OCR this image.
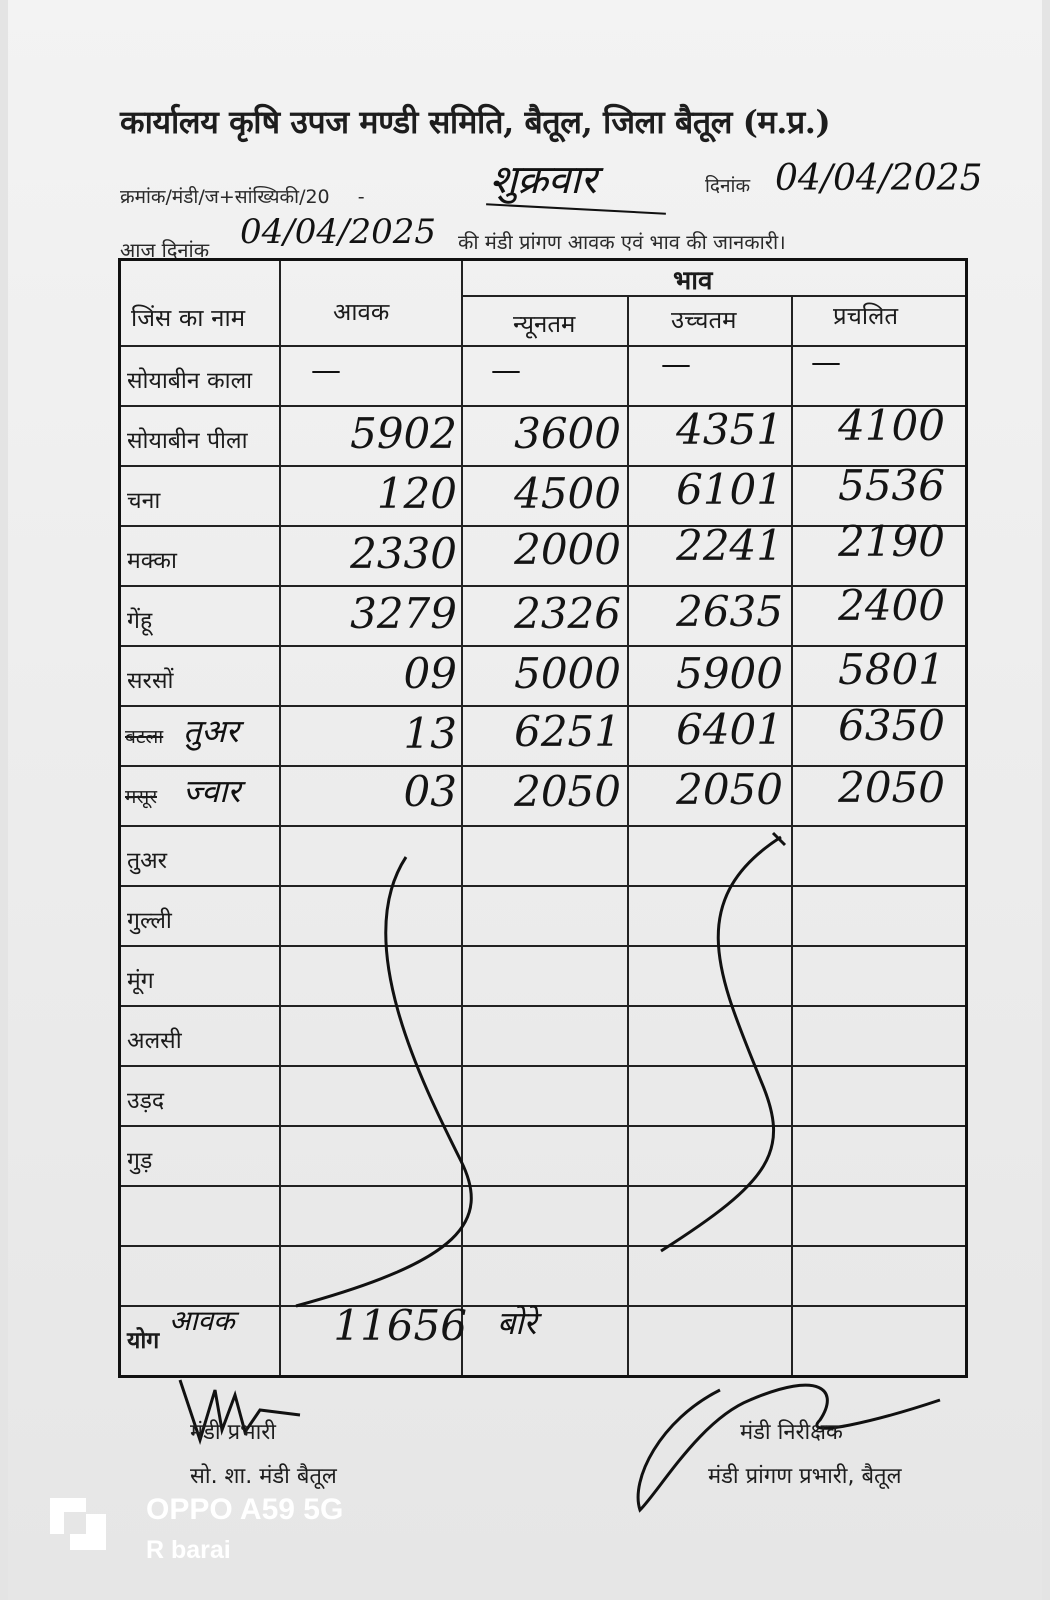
कार्यालय कृषि उपज मण्डी समिति, बैतूल, जिला बैतूल (म.प्र.)
क्रमांक/मंडी/ज+सांख्यिकी/20 -	शुक्रवार	दिनांक 04/04/2025
आज दिनांक 04/04/2025 की मंडी प्रांगण आवक एवं भाव की जानकारी।
जिंस का नाम	आवक
भाव
न्यूनतम	उच्चतम	प्रचलित
सोयाबीन काला —	—	—	—
सोयाबीन पीला	5902	3600	4351	4100
चना	120	4500	6101	5536
मक्का	2330	2000	2241	2190
गेंहू	3279	2326	2635	2400
सरसों	09	5000	5900	5801
बटला तुअर	13	6251	6401	6350
मसूर ज्वार	03	2050	2050	2050
तुअर
गुल्ली
मूंग
अलसी
उड़द
गुड़
योग
आवक	11656 बोरे
मंडी प्रभारी
सो. शा. मंडी बैतूल
मंडी निरीक्षक
मंडी प्रांगण प्रभारी, बैतूल
OPPO A59 5G
R barai
